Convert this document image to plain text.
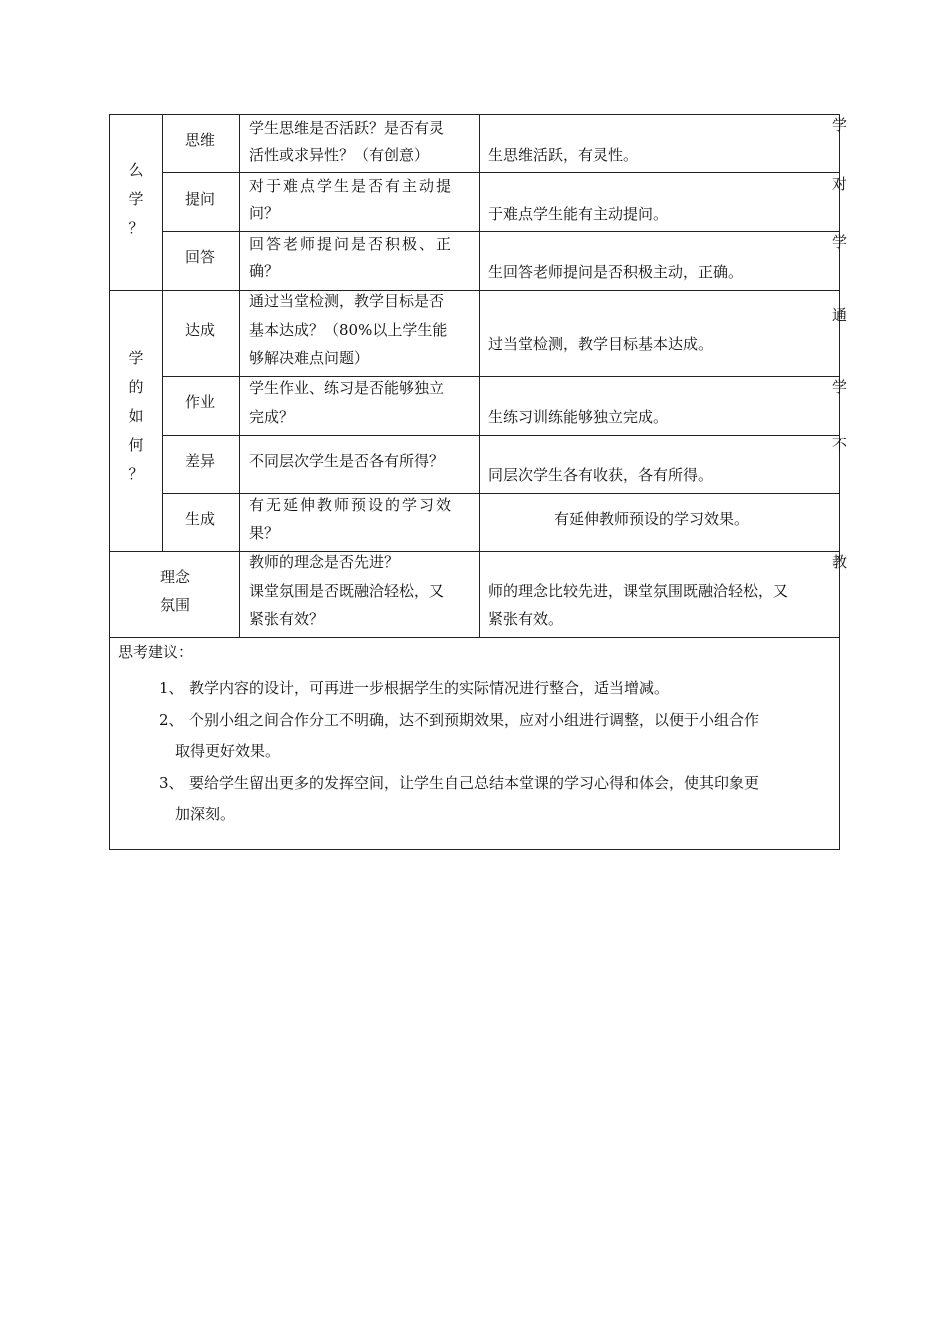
么
学
？
学
的
如
何
？
思维
学生思维是否活跃？是否有灵
活性或求异性？（有创意）
学
生思维活跃，有灵性。
提问
对于难点学生是否有主动提
问？
对
于难点学生能有主动提问。
回答
回答老师提问是否积极、正
确？
学
生回答老师提问是否积极主动，正确。
达成
通过当堂检测，教学目标是否
基本达成？（80%以上学生能
够解决难点问题）
通
过当堂检测，教学目标基本达成。
作业
学生作业、练习是否能够独立
完成？
学
生练习训练能够独立完成。
差异 不同层次学生是否各有所得？
不
同层次学生各有收获，各有所得。
生成
有无延伸教师预设的学习效
果？
有延伸教师预设的学习效果。
理念
氛围
教师的理念是否先进？
课堂氛围是否既融洽轻松，又
紧张有效？
教
师的理念比较先进，课堂氛围既融洽轻松，又
紧张有效。
思考建议：
1、 教学内容的设计，可再进一步根据学生的实际情况进行整合，适当增减。
2、 个别小组之间合作分工不明确，达不到预期效果，应对小组进行调整，以便于小组合作
取得更好效果。
3、 要给学生留出更多的发挥空间，让学生自己总结本堂课的学习心得和体会，使其印象更
加深刻。
